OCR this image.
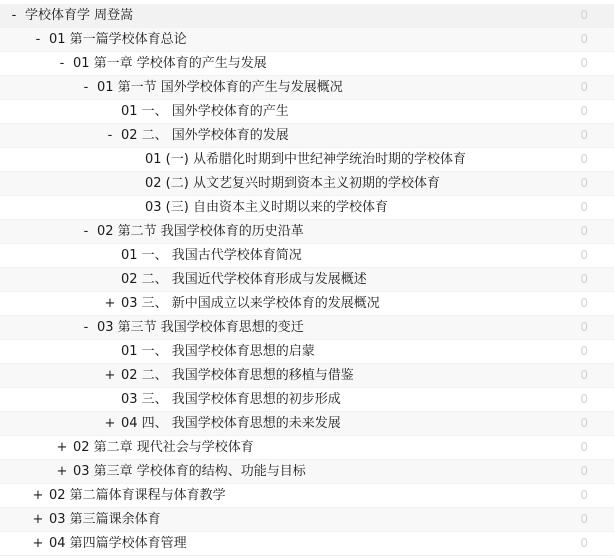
- 学校体育学 周登嵩	0
- 01 第一篇学校体育总论	0
- 01 第一章 学校体育的产生与发展	0
- 01 第一节 国外学校体育的产生与发展概况	0
01 一、 国外学校体育的产生	0
- 02 二、 国外学校体育的发展	0
01 (一) 从希腊化时期到中世纪神学统治时期的学校体育	0
02 (二) 从文艺复兴时期到资本主义初期的学校体育	0
03 (三) 自由资本主义时期以来的学校体育	0
- 02 第二节 我国学校体育的历史沿革	0
01 一、 我国古代学校体育简况	0
02 二、 我国近代学校体育形成与发展概述	0
+ 03 三、 新中国成立以来学校体育的发展概况	0
- 03 第三节 我国学校体育思想的变迁	0
01 一、 我国学校体育思想的启蒙	0
+ 02 二、 我国学校体育思想的移植与借鉴	0
03 三、 我国学校体育思想的初步形成	0
+ 04 四、 我国学校体育思想的未来发展	0
+ 02 第二章 现代社会与学校体育	0
+ 03 第三章 学校体育的结构、功能与目标	0
+ 02 第二篇体育课程与体育教学	0
+ 03 第三篇课余体育	0
+ 04 第四篇学校体育管理	0
